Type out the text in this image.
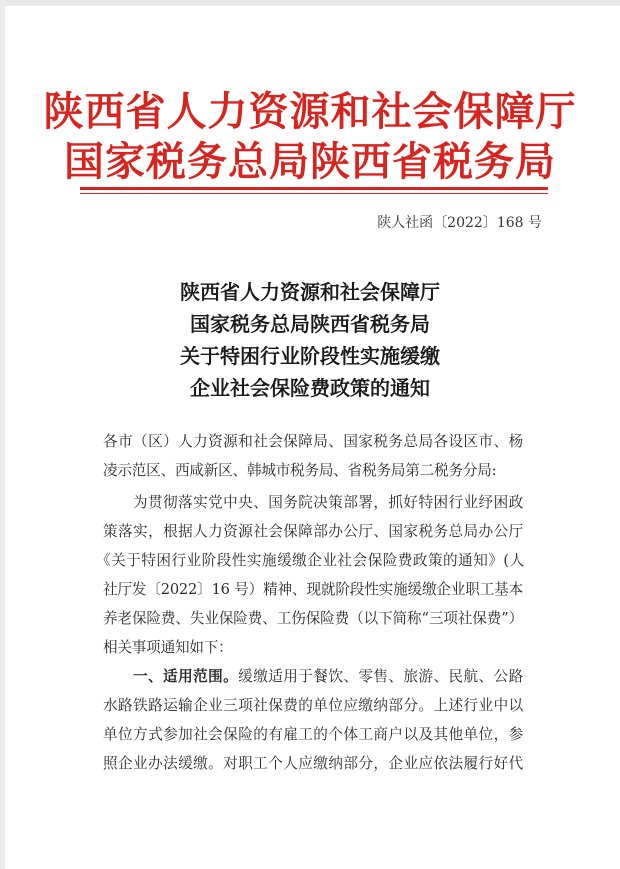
陕西省人力资源和社会保障厅
国家税务总局陕西省税务局
陕人社函〔2022〕168 号
陕西省人力资源和社会保障厅
国家税务总局陕西省税务局
关于特困行业阶段性实施缓缴
企业社会保险费政策的通知
各市（区）人力资源和社会保障局、国家税务总局各设区市、杨
凌示范区、西咸新区、韩城市税务局、省税务局第二税务分局:
为贯彻落实党中央、国务院决策部署，抓好特困行业纾困政
策落实，根据人力资源社会保障部办公厅、国家税务总局办公厅
《关于特困行业阶段性实施缓缴企业社会保险费政策的通知》(人
社厅发〔2022〕16 号）精神、现就阶段性实施缓缴企业职工基本
养老保险费、失业保险费、工伤保险费（以下简称“三项社保费”）
相关事项通知如下：
一、适用范围。缓缴适用于餐饮、零售、旅游、民航、公路
水路铁路运输企业三项社保费的单位应缴纳部分。上述行业中以
单位方式参加社会保险的有雇工的个体工商户以及其他单位，参
照企业办法缓缴。对职工个人应缴纳部分，企业应依法履行好代
